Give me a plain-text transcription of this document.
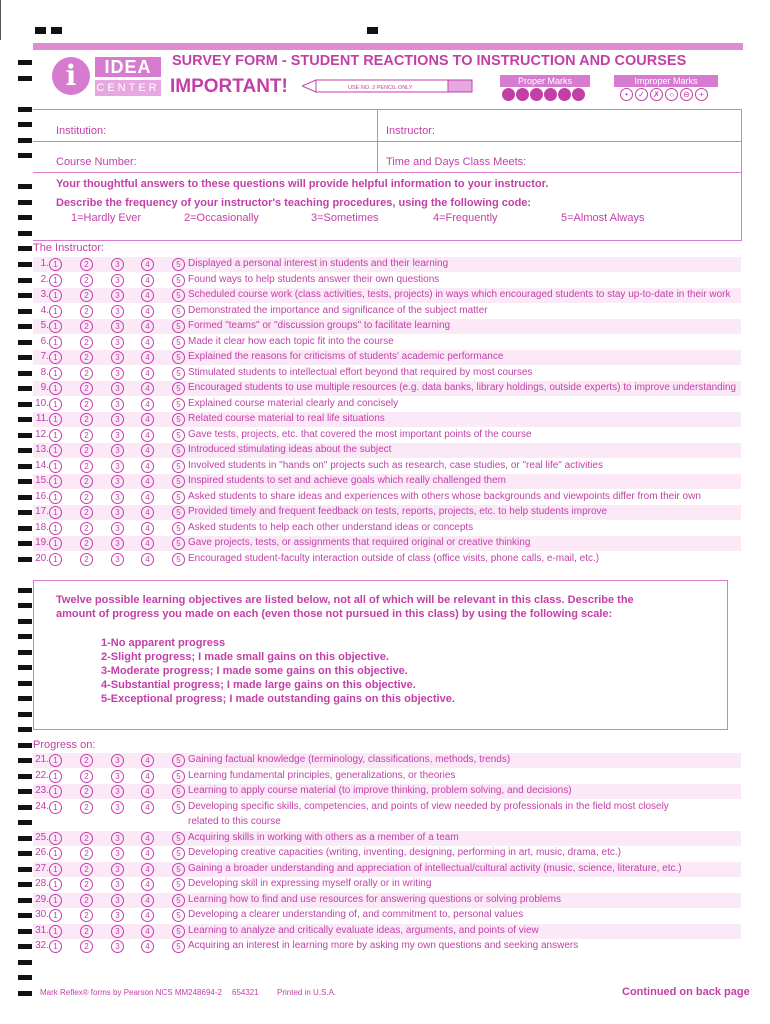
i	IDEA
CENTER
SURVEY FORM - STUDENT REACTIONS TO INSTRUCTION AND COURSES
IMPORTANT!	USE NO. 2 PENCIL ONLY
Proper Marks	Improper Marks
• ✓ ✗ ○ ⊖ +
Institution:	Instructor:
Course Number:	Time and Days Class Meets:
Your thoughtful answers to these questions will provide helpful information to your instructor.
Describe the frequency of your instructor's teaching procedures, using the following code:
1=Hardly Ever	2=Occasionally	3=Sometimes	4=Frequently	5=Almost Always
The Instructor:
1. 1	2	3	4	5 Displayed a personal interest in students and their learning
2. 1	2	3	4	5 Found ways to help students answer their own questions
3. 1	2	3	4	5 Scheduled course work (class activities, tests, projects) in ways which encouraged students to stay up-to-date in their work
4. 1	2	3	4	5 Demonstrated the importance and significance of the subject matter
5. 1	2	3	4	5 Formed "teams" or "discussion groups" to facilitate learning
6. 1	2	3	4	5 Made it clear how each topic fit into the course
7. 1	2	3	4	5 Explained the reasons for criticisms of students' academic performance
8. 1	2	3	4	5 Stimulated students to intellectual effort beyond that required by most courses
9. 1	2	3	4	5 Encouraged students to use multiple resources (e.g. data banks, library holdings, outside experts) to improve understanding
10. 1	2	3	4	5 Explained course material clearly and concisely
11. 1	2	3	4	5 Related course material to real life situations
12. 1	2	3	4	5 Gave tests, projects, etc. that covered the most important points of the course
13. 1	2	3	4	5 Introduced stimulating ideas about the subject
14. 1	2	3	4	5 Involved students in "hands on" projects such as research, case studies, or "real life" activities
15. 1	2	3	4	5 Inspired students to set and achieve goals which really challenged them
16. 1	2	3	4	5 Asked students to share ideas and experiences with others whose backgrounds and viewpoints differ from their own
17. 1	2	3	4	5 Provided timely and frequent feedback on tests, reports, projects, etc. to help students improve
18. 1	2	3	4	5 Asked students to help each other understand ideas or concepts
19. 1	2	3	4	5 Gave projects, tests, or assignments that required original or creative thinking
20. 1	2	3	4	5 Encouraged student-faculty interaction outside of class (office visits, phone calls, e-mail, etc.)
Twelve possible learning objectives are listed below, not all of which will be relevant in this class. Describe the
amount of progress you made on each (even those not pursued in this class) by using the following scale:
1-No apparent progress
2-Slight progress; I made small gains on this objective.
3-Moderate progress; I made some gains on this objective.
4-Substantial progress; I made large gains on this objective.
5-Exceptional progress; I made outstanding gains on this objective.
Progress on:
21. 1	2	3	4	5 Gaining factual knowledge (terminology, classifications, methods, trends)
22. 1	2	3	4	5 Learning fundamental principles, generalizations, or theories
23. 1	2	3	4	5 Learning to apply course material (to improve thinking, problem solving, and decisions)
24. 1	2	3	4	5 Developing specific skills, competencies, and points of view needed by professionals in the field most closely
related to this course
25. 1	2	3	4	5 Acquiring skills in working with others as a member of a team
26. 1	2	3	4	5 Developing creative capacities (writing, inventing, designing, performing in art, music, drama, etc.)
27. 1	2	3	4	5 Gaining a broader understanding and appreciation of intellectual/cultural activity (music, science, literature, etc.)
28. 1	2	3	4	5 Developing skill in expressing myself orally or in writing
29. 1	2	3	4	5 Learning how to find and use resources for answering questions or solving problems
30. 1	2	3	4	5 Developing a clearer understanding of, and commitment to, personal values
31. 1	2	3	4	5 Learning to analyze and critically evaluate ideas, arguments, and points of view
32. 1	2	3	4	5 Acquiring an interest in learning more by asking my own questions and seeking answers
Mark Reflex® forms by Pearson NCS MM248694-2 654321 Printed in U.S.A.	Continued on back page
